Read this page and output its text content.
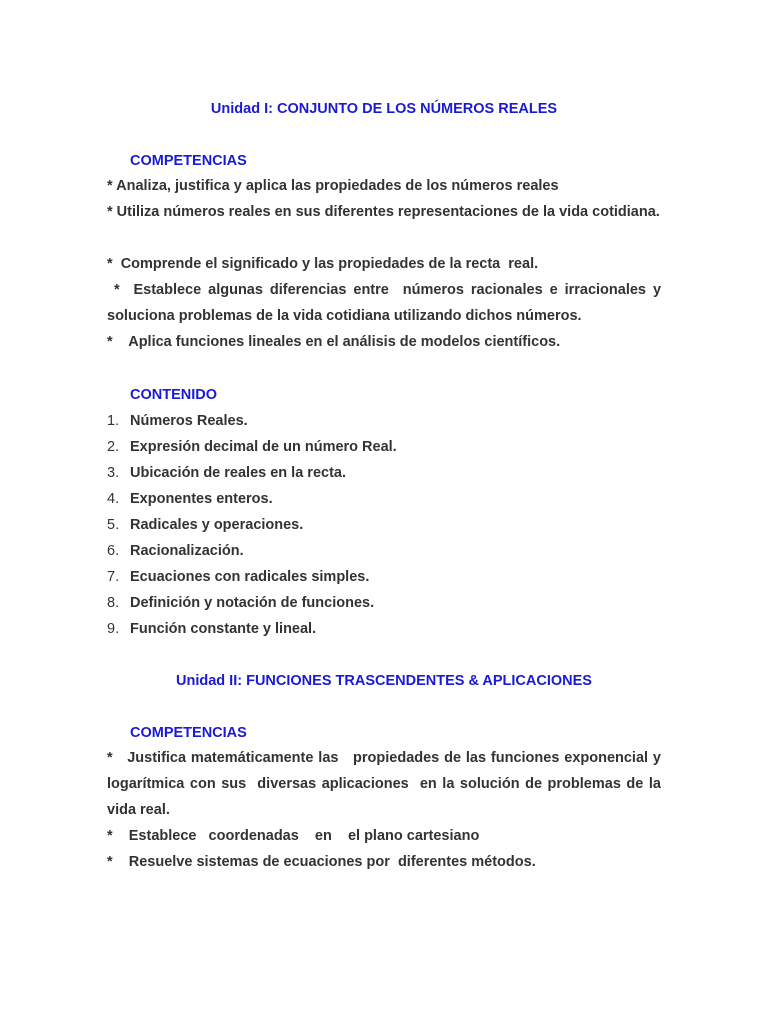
Unidad I: CONJUNTO DE LOS NÚMEROS REALES
COMPETENCIAS
* Analiza, justifica y aplica las propiedades de los números reales
* Utiliza números reales en sus diferentes representaciones de la vida cotidiana.
*  Comprende el significado y las propiedades de la recta  real.
*  Establece algunas diferencias entre  números racionales e irracionales y soluciona problemas de la vida cotidiana utilizando dichos números.
*    Aplica funciones lineales en el análisis de modelos científicos.
CONTENIDO
1. Números Reales.
2. Expresión decimal de un número Real.
3. Ubicación de reales en la recta.
4. Exponentes enteros.
5. Radicales y operaciones.
6. Racionalización.
7. Ecuaciones con radicales simples.
8. Definición y notación de funciones.
9. Función constante y lineal.
Unidad II: FUNCIONES TRASCENDENTES & APLICACIONES
COMPETENCIAS
*   Justifica matemáticamente las   propiedades de las funciones exponencial y logarítmica con sus  diversas aplicaciones  en la solución de problemas de la vida real.
*    Establece   coordenadas    en    el plano cartesiano
*    Resuelve sistemas de ecuaciones por  diferentes métodos.
